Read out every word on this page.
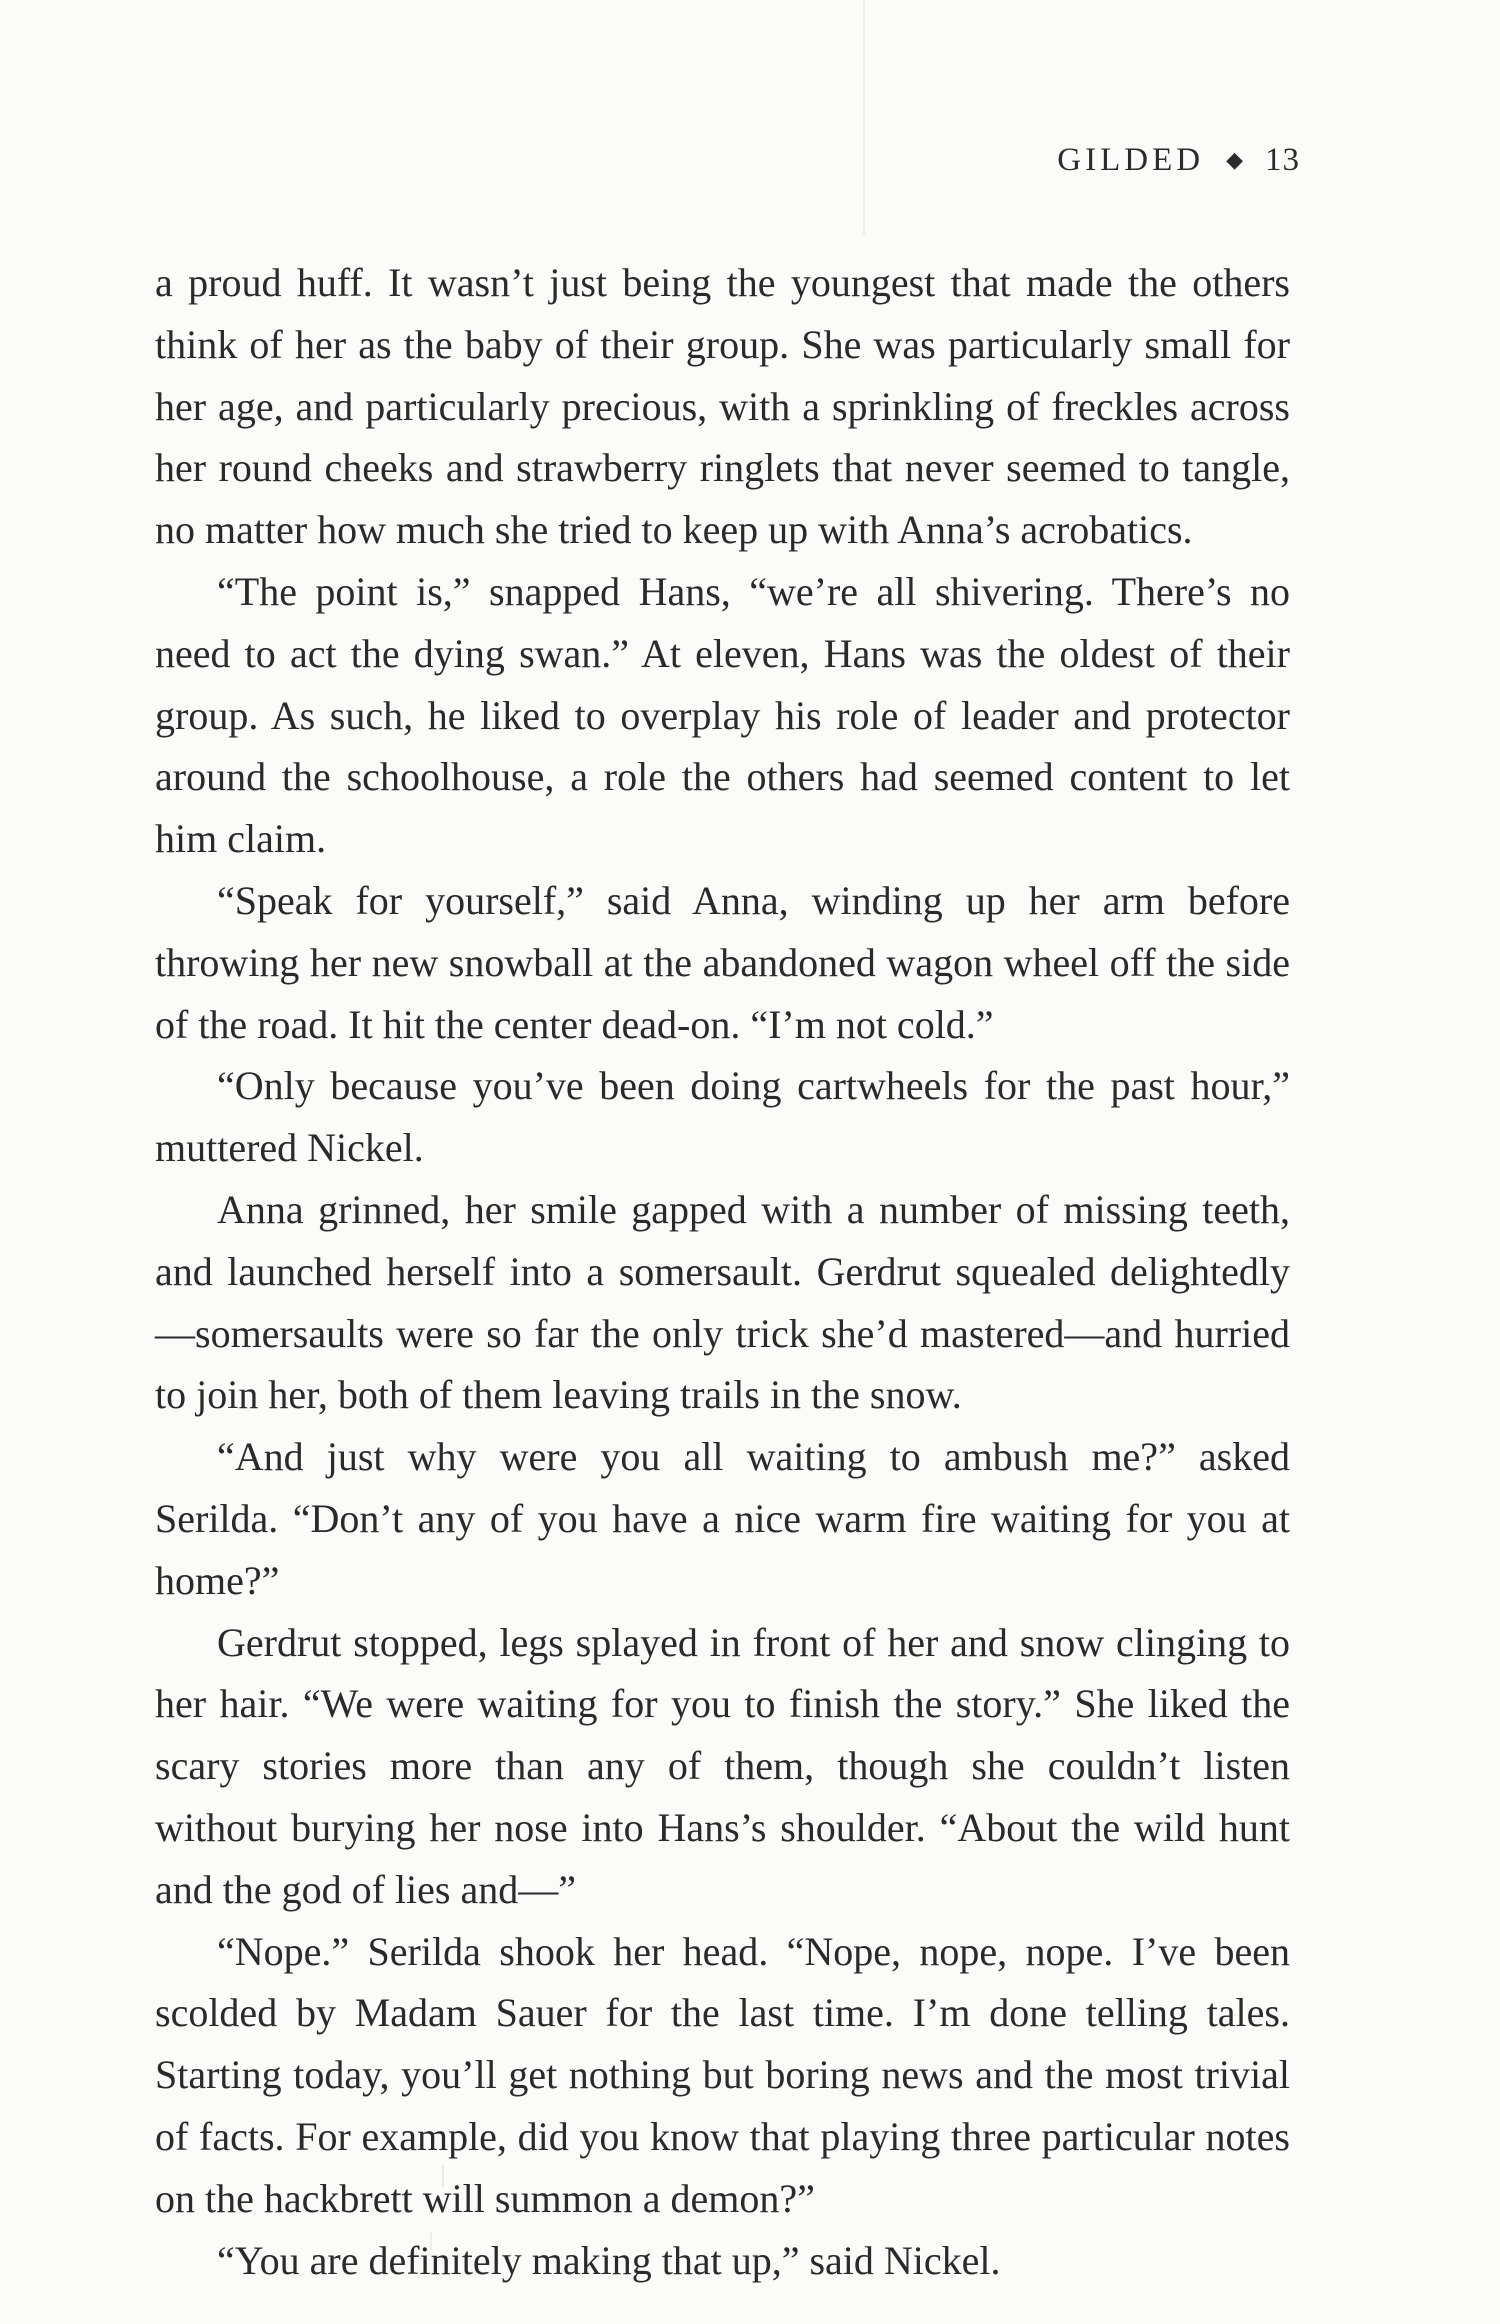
GILDED ◆ 13

a proud huff. It wasn’t just being the youngest that made the others think of her as the baby of their group. She was particularly small for her age, and particularly precious, with a sprinkling of freckles across her round cheeks and strawberry ringlets that never seemed to tangle, no matter how much she tried to keep up with Anna’s acrobatics.

“The point is,” snapped Hans, “we’re all shivering. There’s no need to act the dying swan.” At eleven, Hans was the oldest of their group. As such, he liked to overplay his role of leader and protector around the schoolhouse, a role the others had seemed content to let him claim.

“Speak for yourself,” said Anna, winding up her arm before throwing her new snowball at the abandoned wagon wheel off the side of the road. It hit the center dead-on. “I’m not cold.”

“Only because you’ve been doing cartwheels for the past hour,” muttered Nickel.

Anna grinned, her smile gapped with a number of missing teeth, and launched herself into a somersault. Gerdrut squealed delightedly—somersaults were so far the only trick she’d mastered—and hurried to join her, both of them leaving trails in the snow.

“And just why were you all waiting to ambush me?” asked Serilda. “Don’t any of you have a nice warm fire waiting for you at home?”

Gerdrut stopped, legs splayed in front of her and snow clinging to her hair. “We were waiting for you to finish the story.” She liked the scary stories more than any of them, though she couldn’t listen without burying her nose into Hans’s shoulder. “About the wild hunt and the god of lies and—”

“Nope.” Serilda shook her head. “Nope, nope, nope. I’ve been scolded by Madam Sauer for the last time. I’m done telling tales. Starting today, you’ll get nothing but boring news and the most trivial of facts. For example, did you know that playing three particular notes on the hackbrett will summon a demon?”

“You are definitely making that up,” said Nickel.
